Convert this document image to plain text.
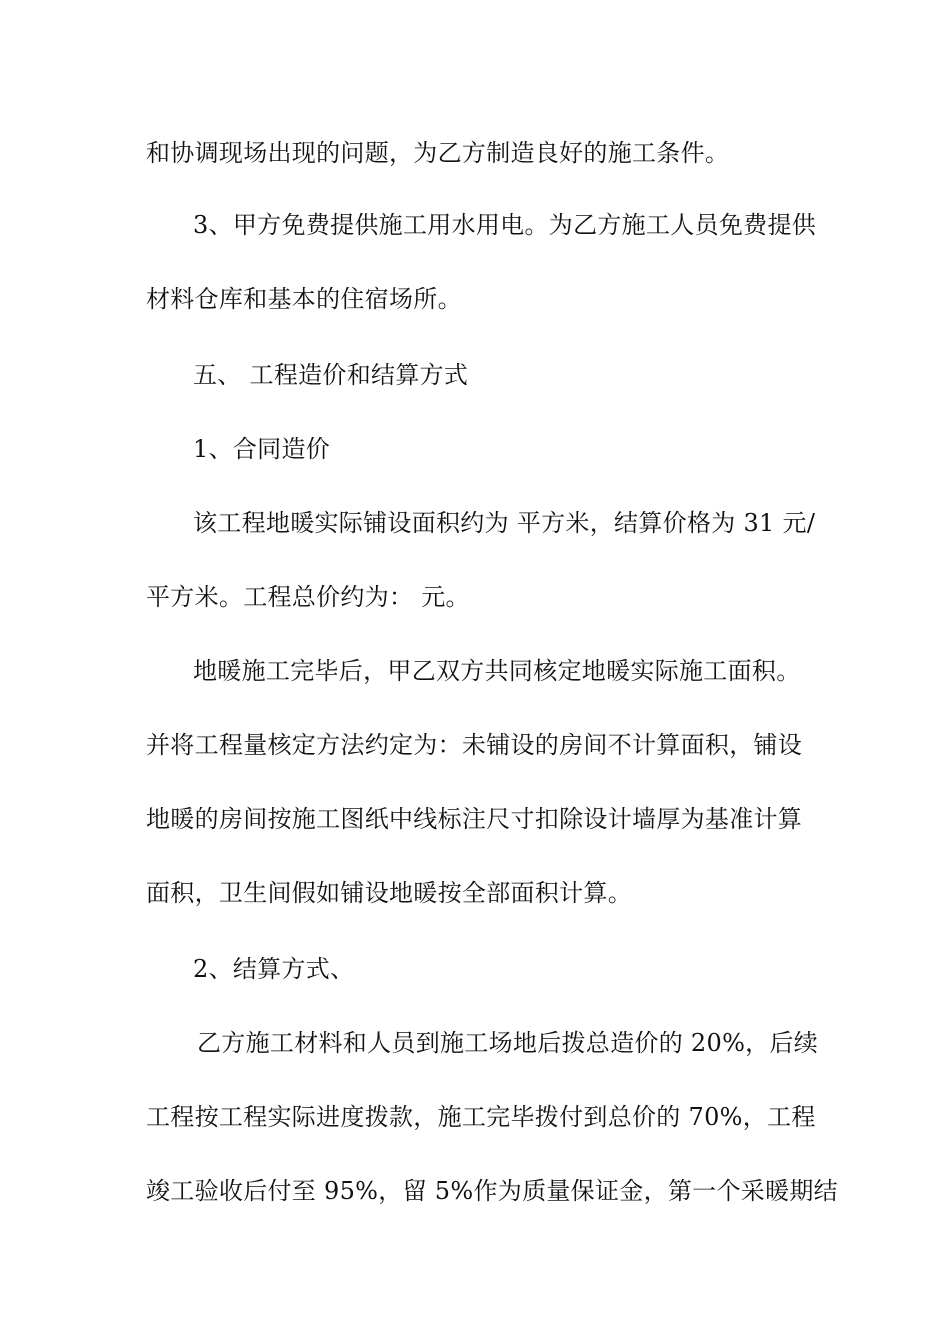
和协调现场出现的问题，为乙方制造良好的施工条件。
3、甲方免费提供施工用水用电。为乙方施工人员免费提供
材料仓库和基本的住宿场所。
五、 工程造价和结算方式
1、合同造价
该工程地暖实际铺设面积约为 平方米，结算价格为 31 元/
平方米。工程总价约为： 元。
地暖施工完毕后，甲乙双方共同核定地暖实际施工面积。
并将工程量核定方法约定为：未铺设的房间不计算面积，铺设
地暖的房间按施工图纸中线标注尺寸扣除设计墙厚为基准计算
面积，卫生间假如铺设地暖按全部面积计算。
2、结算方式、
乙方施工材料和人员到施工场地后拨总造价的 20%，后续
工程按工程实际进度拨款，施工完毕拨付到总价的 70%，工程
竣工验收后付至 95%，留 5%作为质量保证金，第一个采暖期结
